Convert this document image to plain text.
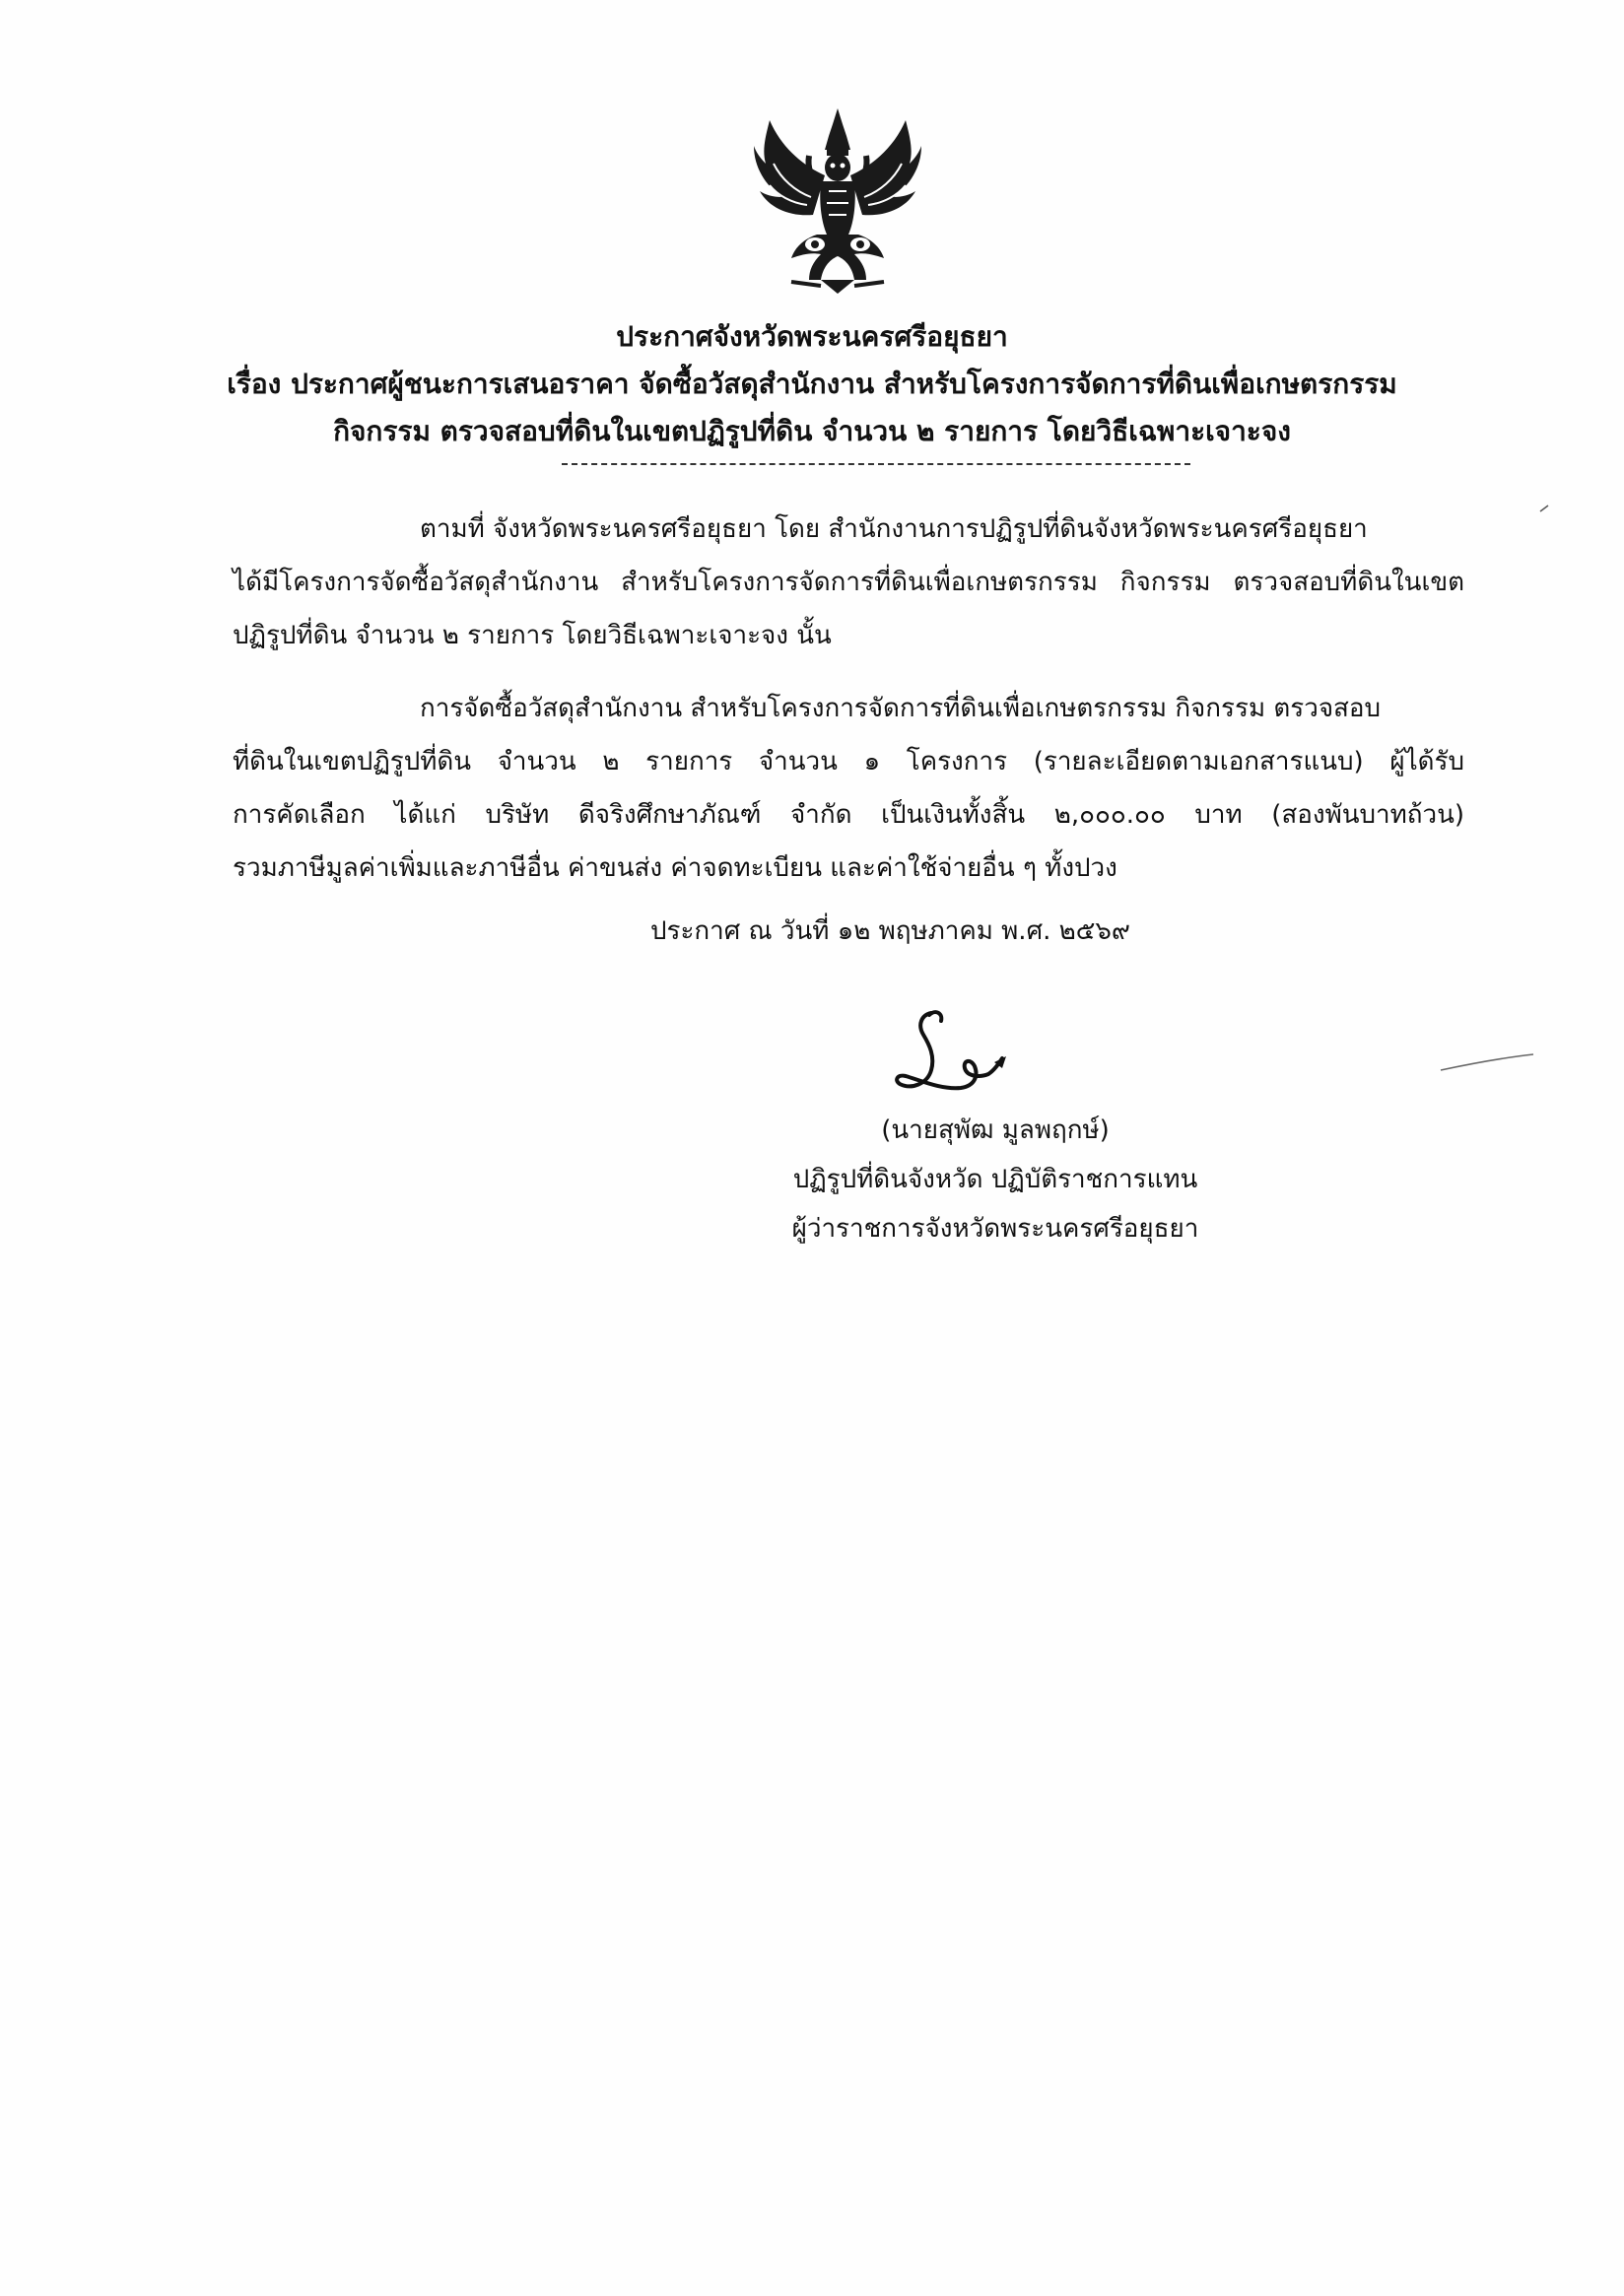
ประกาศจังหวัดพระนครศรีอยุธยา
เรื่อง ประกาศผู้ชนะการเสนอราคา จัดซื้อวัสดุสำนักงาน สำหรับโครงการจัดการที่ดินเพื่อเกษตรกรรม
กิจกรรม ตรวจสอบที่ดินในเขตปฏิรูปที่ดิน จำนวน ๒ รายการ โดยวิธีเฉพาะเจาะจง
ตามที่ จังหวัดพระนครศรีอยุธยา โดย สำนักงานการปฏิรูปที่ดินจังหวัดพระนครศรีอยุธยา
ได้มีโครงการจัดซื้อวัสดุสำนักงาน สำหรับโครงการจัดการที่ดินเพื่อเกษตรกรรม กิจกรรม ตรวจสอบที่ดินในเขต
ปฏิรูปที่ดิน จำนวน ๒ รายการ โดยวิธีเฉพาะเจาะจง นั้น
การจัดซื้อวัสดุสำนักงาน สำหรับโครงการจัดการที่ดินเพื่อเกษตรกรรม กิจกรรม ตรวจสอบ
ที่ดินในเขตปฏิรูปที่ดิน จำนวน ๒ รายการ จำนวน ๑ โครงการ (รายละเอียดตามเอกสารแนบ) ผู้ได้รับ
การคัดเลือก ได้แก่ บริษัท ดีจริงศึกษาภัณฑ์ จำกัด เป็นเงินทั้งสิ้น ๒,๐๐๐.๐๐ บาท (สองพันบาทถ้วน)
รวมภาษีมูลค่าเพิ่มและภาษีอื่น ค่าขนส่ง ค่าจดทะเบียน และค่าใช้จ่ายอื่น ๆ ทั้งปวง
ประกาศ ณ วันที่ ๑๒ พฤษภาคม พ.ศ. ๒๕๖๙
(นายสุพัฒ มูลพฤกษ์)
ปฏิรูปที่ดินจังหวัด ปฏิบัติราชการแทน
ผู้ว่าราชการจังหวัดพระนครศรีอยุธยา
